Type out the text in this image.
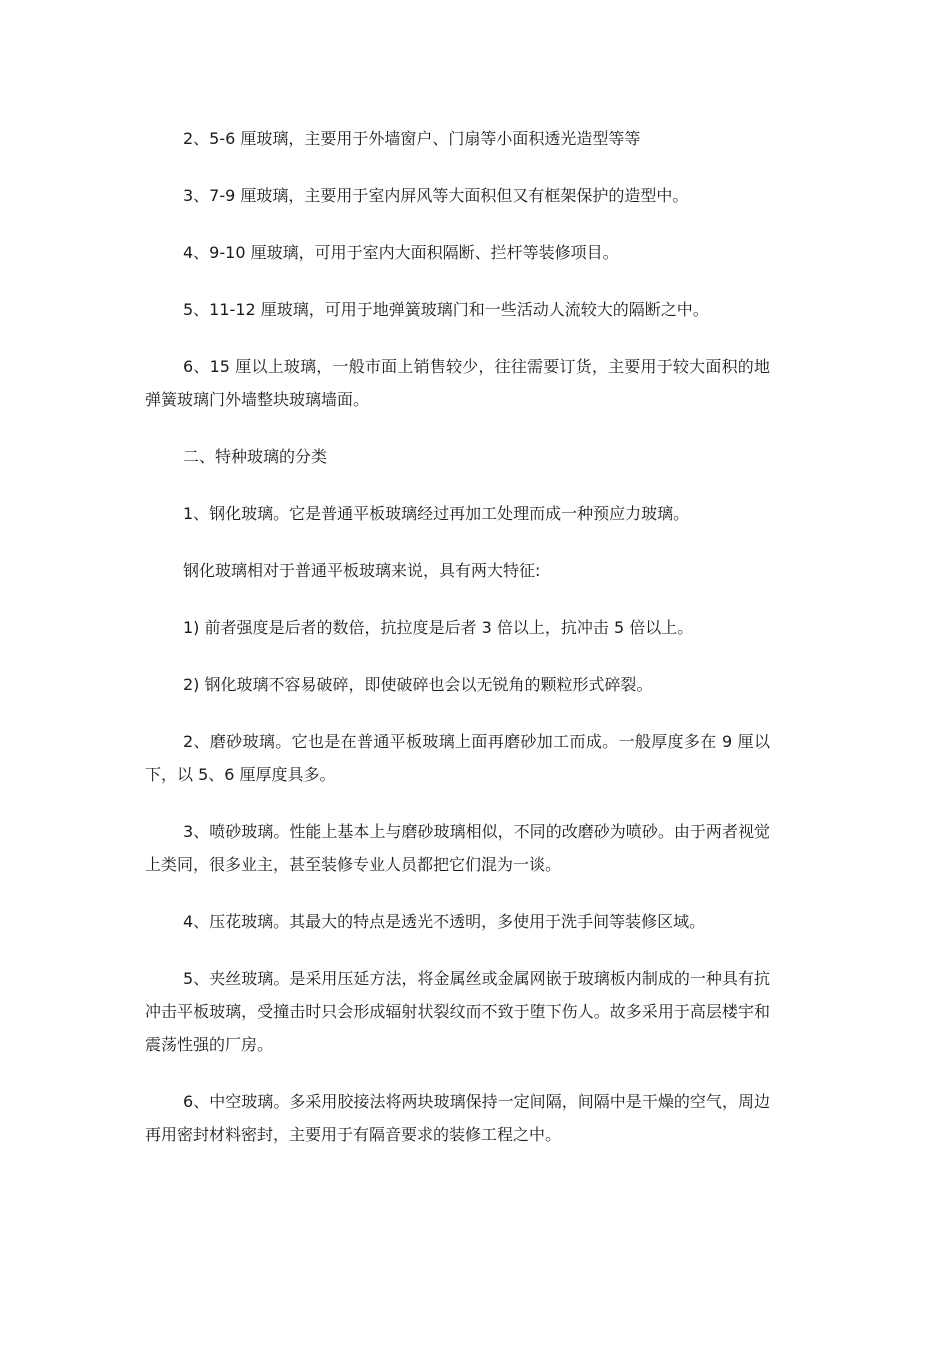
2、5-6 厘玻璃，主要用于外墙窗户、门扇等小面积透光造型等等

3、7-9 厘玻璃，主要用于室内屏风等大面积但又有框架保护的造型中。

4、9-10 厘玻璃，可用于室内大面积隔断、拦杆等装修项目。

5、11-12 厘玻璃，可用于地弹簧玻璃门和一些活动人流较大的隔断之中。

6、15 厘以上玻璃，一般市面上销售较少，往往需要订货，主要用于较大面积的地弹簧玻璃门外墙整块玻璃墙面。

二、特种玻璃的分类

1、钢化玻璃。它是普通平板玻璃经过再加工处理而成一种预应力玻璃。

钢化玻璃相对于普通平板玻璃来说，具有两大特征:

1) 前者强度是后者的数倍，抗拉度是后者 3 倍以上，抗冲击 5 倍以上。

2) 钢化玻璃不容易破碎，即使破碎也会以无锐角的颗粒形式碎裂。

2、磨砂玻璃。它也是在普通平板玻璃上面再磨砂加工而成。一般厚度多在 9 厘以下，以 5、6 厘厚度具多。

3、喷砂玻璃。性能上基本上与磨砂玻璃相似，不同的改磨砂为喷砂。由于两者视觉上类同，很多业主，甚至装修专业人员都把它们混为一谈。

4、压花玻璃。其最大的特点是透光不透明，多使用于洗手间等装修区域。

5、夹丝玻璃。是采用压延方法，将金属丝或金属网嵌于玻璃板内制成的一种具有抗冲击平板玻璃，受撞击时只会形成辐射状裂纹而不致于堕下伤人。故多采用于高层楼宇和震荡性强的厂房。

6、中空玻璃。多采用胶接法将两块玻璃保持一定间隔，间隔中是干燥的空气，周边再用密封材料密封，主要用于有隔音要求的装修工程之中。
